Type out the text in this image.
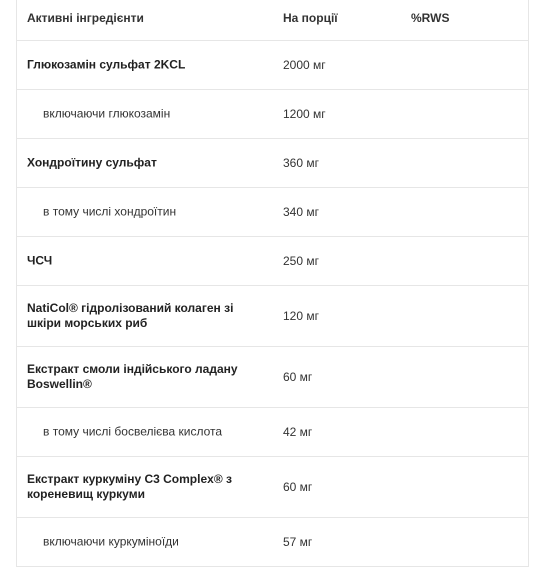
Активні інгредієнти	На порції	%RWS
Глюкозамін сульфат 2KCL	2000 мг
включаючи глюкозамін	1200 мг
Хондроїтину сульфат	360 мг
в тому числі хондроїтин	340 мг
ЧСЧ	250 мг
NatiCol® гідролізований колаген зі шкіри морських риб	120 мг
Екстракт смоли індійського ладану Boswellin®	60 мг
в тому числі босвелієва кислота	42 мг
Екстракт куркуміну C3 Complex® з кореневищ куркуми	60 мг
включаючи куркуміноїди	57 мг
